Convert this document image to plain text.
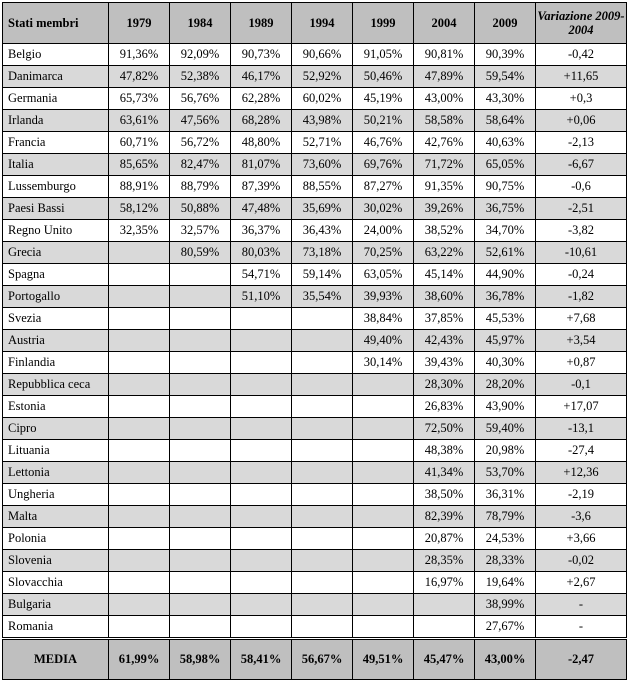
Stati membri	1979	1984	1989	1994	1999	2004	2009	Variazione 2009-2004
Belgio	91,36%	92,09%	90,73%	90,66%	91,05%	90,81%	90,39%	-0,42
Danimarca	47,82%	52,38%	46,17%	52,92%	50,46%	47,89%	59,54%	+11,65
Germania	65,73%	56,76%	62,28%	60,02%	45,19%	43,00%	43,30%	+0,3
Irlanda	63,61%	47,56%	68,28%	43,98%	50,21%	58,58%	58,64%	+0,06
Francia	60,71%	56,72%	48,80%	52,71%	46,76%	42,76%	40,63%	-2,13
Italia	85,65%	82,47%	81,07%	73,60%	69,76%	71,72%	65,05%	-6,67
Lussemburgo	88,91%	88,79%	87,39%	88,55%	87,27%	91,35%	90,75%	-0,6
Paesi Bassi	58,12%	50,88%	47,48%	35,69%	30,02%	39,26%	36,75%	-2,51
Regno Unito	32,35%	32,57%	36,37%	36,43%	24,00%	38,52%	34,70%	-3,82
Grecia		80,59%	80,03%	73,18%	70,25%	63,22%	52,61%	-10,61
Spagna			54,71%	59,14%	63,05%	45,14%	44,90%	-0,24
Portogallo			51,10%	35,54%	39,93%	38,60%	36,78%	-1,82
Svezia					38,84%	37,85%	45,53%	+7,68
Austria					49,40%	42,43%	45,97%	+3,54
Finlandia					30,14%	39,43%	40,30%	+0,87
Repubblica ceca						28,30%	28,20%	-0,1
Estonia						26,83%	43,90%	+17,07
Cipro						72,50%	59,40%	-13,1
Lituania						48,38%	20,98%	-27,4
Lettonia						41,34%	53,70%	+12,36
Ungheria						38,50%	36,31%	-2,19
Malta						82,39%	78,79%	-3,6
Polonia						20,87%	24,53%	+3,66
Slovenia						28,35%	28,33%	-0,02
Slovacchia						16,97%	19,64%	+2,67
Bulgaria							38,99%	-
Romania							27,67%	-
MEDIA	61,99%	58,98%	58,41%	56,67%	49,51%	45,47%	43,00%	-2,47
